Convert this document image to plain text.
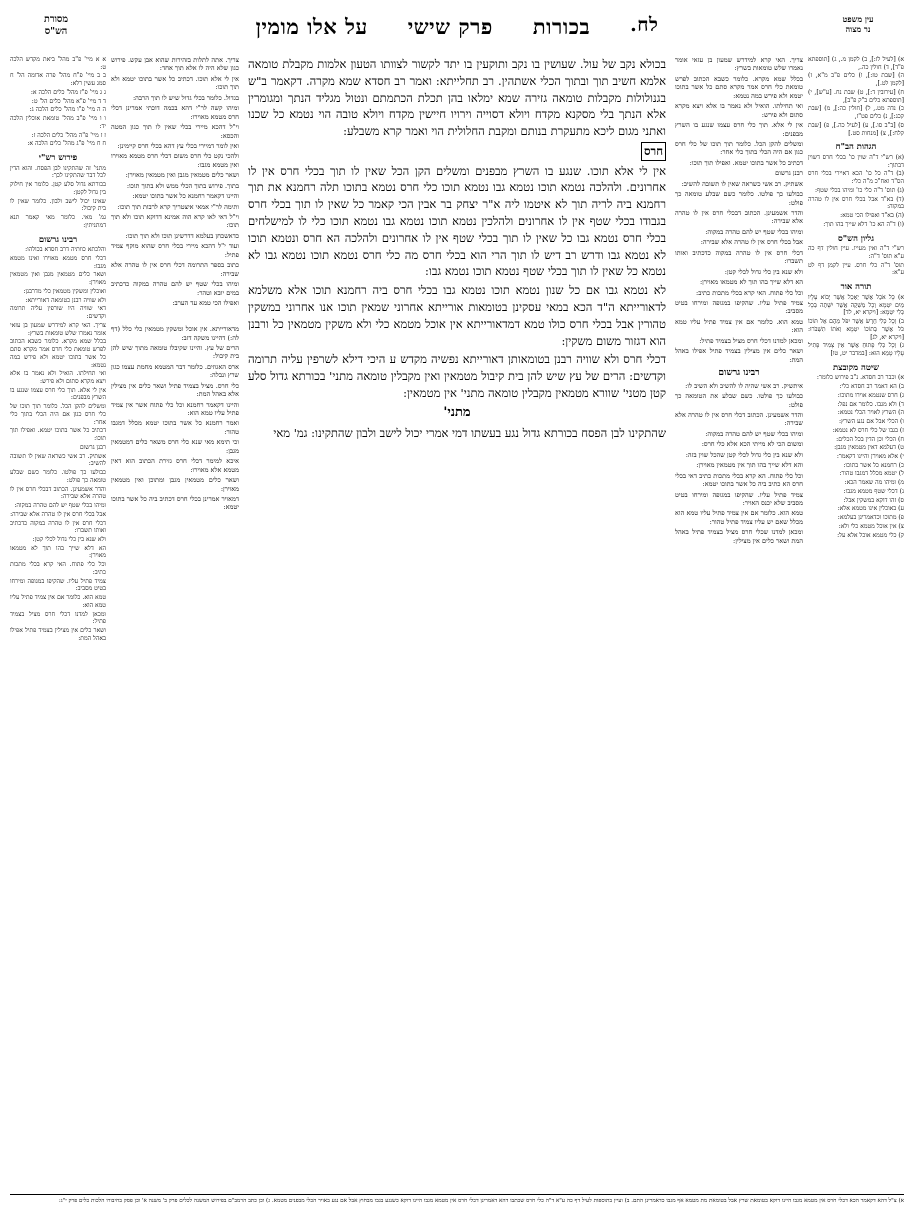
עין משפט
נר מצוה
לח.
בכורות
פרק שישי
על אלו מומין
מסורת
הש"ס

א) [לעיל לז:], ב) לקמן מ., ג) [תוספתא פ"ד], ד) חולין כה.,

ה) [שבת טז:], ו) כלים פ"ב מ"א, ז) [לקמן לט.],

ח) [עירובין ד:], ט) שבת נח. [ע"ש], י) [תוספתא כלים ב"ק פ"ב],

כ) נדה מט., ל) [חולין כה:], מ) [שבת קכג:], נ) כלים פט"ז,

ס) [ב"ב סו.], ע) [לעיל כה.], פ) [שבת קלח:], צ) [מנחות סט.]

הגהות הב"ח

(א) רש"י ד"ה שוין כו' בכלי חרס דשוין דבתוך:

(ב) ד"ה כל כו' הכא דאיירי בכלי חרס הס"ד ואח"כ מ"ה כלי:

(ג) תוס' ד"ה כלי כו' ומיהו בכלי שטף:

(ד) בא"ד אבל בכלי חרס אין לו טהרה במקוה:

(ה) בא"ד ואפילו הכי טמא:

(ו) ד"ה הא כו' דלא שייך בהו תוך:

גליון הש"ס

רש"י ד"ה ואין מעייו. עיין חולין דף כה ע"א תוס' ד"ה:

תוס' ד"ה כלי חרס. עיין לקמן דף לט ע"א:

תורה אור

א) כָּל אֹכֶל אֲשֶׁר יֵאָכֵל אֲשֶׁר יָבוֹא עָלָיו מַיִם יִטְמָא וְכָל מַשְׁקֶה אֲשֶׁר יִשָּׁתֶה בְּכָל כְּלִי יִטְמָא: [ויקרא יא, לד]

ב) וְכָל כְּלִי חֶרֶשׂ אֲשֶׁר יִפֹּל מֵהֶם אֶל תּוֹכוֹ כֹּל אֲשֶׁר בְּתוֹכוֹ יִטְמָא וְאֹתוֹ תִשְׁבֹּרוּ: [ויקרא יא, לג]

ג) וְכָל כְּלִי פָתוּחַ אֲשֶׁר אֵין צָמִיד פָּתִיל עָלָיו טָמֵא הוּא: [במדבר יט, טו]

שיטה מקובצת

א) וכבר רב חסדא. נ"ב פירוש כלומר:

ב) הא דאמר רב חסדא כלי:

ג) חרס שנטמא אוירו מתוכו:

ד) ולא מגבו. כלומר אם נפל:

ה) השרץ לאויר הכלי נטמא:

ו) הכלי אבל אם נגע השרץ:

ז) בגבו של כלי חרס לא נטמא:

ח) הכלי וכן הדין בכל הכלים:

ט) דעלמא דאין מטמאין מגבן:

י) אלא מאוירן והיינו דקאמר:

כ) רחמנא כל אשר בתוכו:

ל) יטמא מכלל דמגבו טהור:

מ) ומיהו מה שאמר הכא:

נ) דכלי שטף מטמא מגבו:

ס) זהו דוקא במשקין אבל:

ע) באוכלין אינו מטמא אלא:

פ) מתוכו וכדאמרינן בעלמא:

צ) אין אוכל מטמא כלי ולא:

ק) כלי מטמא אוכל אלא על:

צריך. האי קרא למידרש שמעון בן עזאי אומר נאמרו שלש טומאות בשרץ:

בכלל שמא מקרא. כלומר כשבא הכתוב לפרש טומאת כלי חרס אמר מקרא סתם כל אשר בתוכו יטמא ולא פירש במה נטמא:

ואי תחילתו. הואיל ולא נאמר בו אלא ויצא מקרא סתום ולא פירש:

אין לי אלא. תוך כלי חרס עצמו שנגע בו השרץ מבפנים:

ומשלים להקן הכל. כלומר תוך תוכו של כלי חרס כגון אם היה הכלי בתוך כלי אחר:

דכתיב כל אשר בתוכו יטמא. ואפילו תוך תוכו:

רבנן גרשום

אשתיק. רב אשי כשראה שאין לו תשובה להשיב:

כבולעו כך פולטו. כלומר כשם שבלע טומאה כך פולט:

והדר אשמעינן. הכתוב דבכלי חרס אין לו טהרה אלא שבירה:

ומיהו בכלי שטף יש להם טהרה במקוה:

אבל בכלי חרס אין לו טהרה אלא שבירה:

דכלי חרס אין לו טהרה במקוה כדכתיב ואותו תשברו:

ולא שנא בין כלי גדול לכלי קטן:

הא דלא שייך בהו תוך לא מטמאו מאוירן:

וכל כלי פתוח. האי קרא בכלי מתכות כתיב:

צמיד פתיל עליו. שהקיפו במגופה ומירחו בטיט מסביב:

טמא הוא. כלומר אם אין צמיד פתיל עליו טמא הוא:

ומכאן למדנו דכלי חרס מציל בצמיד פתיל:

ושאר כלים אין מצילין בצמיד פתיל אפילו באהל המת:

רבינו גרשום

איתשיק. רב אשי שהיה לו להשיב ולא השיב לו:

כבולעו כך פולטו. כשם שבלע את הטומאה כך פולט:

והדר אשמעינן. הכתוב דכלי חרס אין לו טהרה אלא שבירה:

ומיהו בכלי שטף יש להם טהרה במקוה:

ומשום הכי לא מייתי הכא אלא כלי חרס:

ולא שנא בין כלי גדול לכלי קטן שהכל שוין בזה:

והא דלא שייך בהו תוך אין מטמאין מאוירן:

וכל כלי פתוח. הא קרא בכלי מתכות כתיב דאי בכלי חרס הא כתיב ביה כל אשר בתוכו יטמא:

צמיד פתיל עליו. שהקיפו במגופה ומירחו בטיט מסביב שלא יכנס האויר:

טמא הוא. כלומר אם אין צמיד פתיל עליו טמא הוא מכלל שאם יש עליו צמיד פתיל טהור:

ומכאן למדנו שכלי חרס מציל בצמיד פתיל באהל המת ושאר כלים אין מצילין:

בכולא נקב של עול. שעושין בו נקב ותוקעין בו יתד לקשור לצוותו הטעון אלמות מקבלת טומאה אלמא חשיב תוך ובתוך הכלי אשתהין. רב תחלייתא: ואמר רב חסדא שמא מקרה. דקאמר ב"ש בגנולולות מקבלות טומאה גזירה שמא ימלאו בהן תכלת הכתמתם ונטול מגליד הנתך ומגומרין אלא הנתך בלי מסקנא מקדח ויולא דסוייה וירויו חיישין מקדח ויולא טובה הוי נטמא כל שכנו ואתני מגום ליכא מתעקרת בנותם ומקבת החלולית הוי ואמר קרא משבלע:

חרס

אין לי אלא תוכו. שנגע בו השרץ מבפנים ומשלים הקן הכל שאין לו תוך בכלי חרס אין לו אחרונים. ולהלכה נטמא תוכו נטמא גבו נטמא תוכו כלי חרס נטמא בתוכו תלה רחמנא את תוך רחמנא ביה לריה תוך לא איטמו ליה א"ר יצחק בר אבין הכי קאמר כל שאין לו תוך בכלי חרס בגבודו בכלי שטף אין לו אחרונים ולהלכין נטמא תוכו נטמא גבו נטמא תוכו כלי לו למישלחים בכלי חרס נטמא גבו כל שאין לו תוך בכלי שטף אין לו אחרונים ולהלכה הא חרס ונטמא תוכו לא נטמא גבו ודרש רב דיש לו תוך הרי הוא בכלי חרס מה כלי חרס נטמא תוכו נטמא גבו לא נטמא כל שאין לו תוך בכלי שטף נטמא תוכו נטמא גבו:

לא נטמא גבו אם כל שנון נטמא תוכו נטמא גבו בכלי חרס ביה רחמנא תוכו אלא משלמא לדאורייתא ה"ד הכא במאי עסקינן בטומאות אורייתא אחרוני שמאין תוכו אנו אחרוני במשקין טהורין אבל בכלי חרס כולו טמא דמדאורייתא אין אוכל מטמא כלי ולא משקין מטמאין כל ורבנן הוא דגזור משום משקין:

דכלי חרס ולא שוויה רבנן בטומאותן דאורייתא נפשיה מקדש ע היכי דילא לשרפין עליה תרומה וקדשים: הרים של עץ שיש להן בית קיבול מטמאין ואין מקבלין טומאה מתני' בכורתא גדול סלע קטן מטני' שוורא מטמאין מקבלין טומאה מתני' אין מטמאין:

מתני'

שהתקינו לבן הפסח בכורתא גדול נגע בעשתו דמי אמרי יכול לישב ולבון שהתקינו: גמ' מאי

צריך. אתה לתלות בזהירות שהוא אבן עקש. פירוש כגון שלא היה לו אלא תוך אחד:

אין לי אלא תוכו. דכתיב כל אשר בתוכו יטמא ולא תוך תוכו:

בגדול. כלומר בכלי גדול שיש לו תוך הרבה:

ומיהו קשה לר"י דהא בכמה דוכתי אמרינן דכלי חרס מטמא מאוירו:

וי"ל דהכא מיירי בכלי שאין לו תוך כגון המטה והכסא:

ואין לומר דמיירי בכלי עץ דהא בכלי חרס קיימינן:

ולהכי נקט כלי חרס משום דכלי חרס מטמא מאוירו ואין מטמא מגבו:

ושאר כלים מטמאין מגבן ואין מטמאין מאוירן:

בתוך. פירוש בתוך הכלי ממש ולא בתוך תוכו:

והיינו דקאמר רחמנא כל אשר בתוכו יטמא:

ותימה לר"י אמאי איצטריך קרא לרבות תוך תוכו:

וי"ל דאי לאו קרא הוה אמינא דדוקא תוכו ולא תוך תוכו:

כדאשכחן בעלמא דדרשינן תוכו ולא תוך תוכו:

ועוד י"ל דהכא מיירי בכלי חרס שהוא מוקף צמיד פתיל:

כתוב בספר התרומה דכלי חרס אין לו טהרה אלא שבירה:

ומיהו בכלי שטף יש להם טהרה במקוה כדכתיב במים יובא וטהר:

ואפילו הכי טמא עד הערב:

מדאורייתא. אין אוכל ומשקין מטמאין כלי כלל (דף לה:) דהיינו משקה דזב:

הרים של עץ. והיינו שקיבלו טומאה מתוך שיש להן בית קיבול:

ארס האגוזים. כלומר דבר המטמא מחמת עצמו כגון שרץ ונבלה:

כלי חרס. מציל בצמיד פתיל ושאר כלים אין מצילין אלא באהל המת:

והיינו דקאמר רחמנא וכל כלי פתוח אשר אין צמיד פתיל עליו טמא הוא:

ואמר רחמנא כל אשר בתוכו יטמא מכלל דמגבו טהור:

וכי תימא מאי שנא כלי חרס משאר כלים דמטמאין מגבן:

איכא למימר דכלי חרס גזירת הכתוב הוא דאין מטמא אלא מאוירו:

ושאר כלים מטמאין מגבן ומתוכן ואין מטמאין מאוירן:

דמאויר אמרינן בכלי חרס דכתיב ביה כל אשר בתוכו יטמא:

א א מיי' פ"ב מהל' ביאת מקדש הלכה ט:

ב ב מיי' פ"ח מהל' פרה אדומה הל' ח סמג עשין רלא:

ג ג מיי' פ"ז מהל' כלים הלכה א:

ד ד מיי' פ"א מהל' כלים הל' ט:

ה ה מיי' פ"ו מהל' כלים הלכה ג:

ו ו מיי' פ"ב מהל' טומאת אוכלין הלכה יד:

ז ז מיי' פ"ה מהל' כלים הלכה ז:

ח ח מיי' פ"ג מהל' כלים הלכה א:

פירוש רש"י

מתני' זה שהתקינו לבן הפסח. והוא הדין לכל דבר שהתקינו לכך:

בכורתא גדול סלע קטן. כלומר אין חילוק בין גדול לקטן:

שאינו יכול לישב ולבון. כלומר שאין לו בית קיבול:

גמ' מאי. כלומר מאי קאמר תנא דמתניתין:

רבינו גרשום

והלכתא כוותיה דרב חסדא בכולהו:

דכלי חרס מטמא מאוירו ואינו מטמא מגבו:

ושאר כלים מטמאין מגבן ואין מטמאין מאוירן:

ואוכלין ומשקין מטמאין כלי מדרבנן:

ולא שוויה רבנן כטומאה דאורייתא:

דאי שוויה היו שורפין עליה תרומה וקדשים:

צריך. האי קרא למידרש שמעון בן עזאי אומר נאמרו שלש טומאות בשרץ:

בכלל שמא מקרא. כלומר כשבא הכתוב לפרש טומאת כלי חרס אמר מקרא סתם כל אשר בתוכו יטמא ולא פירש במה נטמא:

ואי תחילתו. הואיל ולא נאמר בו אלא ויצא מקרא סתום ולא פירש:

אין לי אלא. תוך כלי חרס עצמו שנגע בו השרץ מבפנים:

ומשלים להקן הכל. כלומר תוך תוכו של כלי חרס כגון אם היה הכלי בתוך כלי אחר:

דכתיב כל אשר בתוכו יטמא. ואפילו תוך תוכו:

רבנן גרשום

אשתיק. רב אשי כשראה שאין לו תשובה להשיב:

כבולעו כך פולטו. כלומר כשם שבלע טומאה כך פולט:

והדר אשמעינן. הכתוב דבכלי חרס אין לו טהרה אלא שבירה:

ומיהו בכלי שטף יש להם טהרה במקוה:

אבל בכלי חרס אין לו טהרה אלא שבירה:

דכלי חרס אין לו טהרה במקוה כדכתיב ואותו תשברו:

ולא שנא בין כלי גדול לכלי קטן:

הא דלא שייך בהו תוך לא מטמאו מאוירן:

וכל כלי פתוח. האי קרא בכלי מתכות כתיב:

צמיד פתיל עליו. שהקיפו במגופה ומירחו בטיט מסביב:

טמא הוא. כלומר אם אין צמיד פתיל עליו טמא הוא:

ומכאן למדנו דכלי חרס מציל בצמיד פתיל:

ושאר כלים אין מצילין בצמיד פתיל אפילו באהל המת:

א) צ"ל דהא דקאמר הכא דכלי חרס אין מטמא מגבו היינו דוקא בטומאת שרץ אבל בטומאת מת מטמא אף מגבו כדאמרינן התם. ב) ועיין בתוספות לעיל דף כה ע"א ד"ה כלי חרס שכתבו דהא דאמרינן דכלי חרס אין מטמא מגבו היינו דוקא כשנגע בגבו מבחוץ אבל אם נגע באויר הכלי מבפנים מטמא. ג) וכן כתב הרמב"ם בפירוש המשנה לכלים פרק ב' משנה א' וכן פסק בחיבורו הלכות כלים פרק י"ג:
